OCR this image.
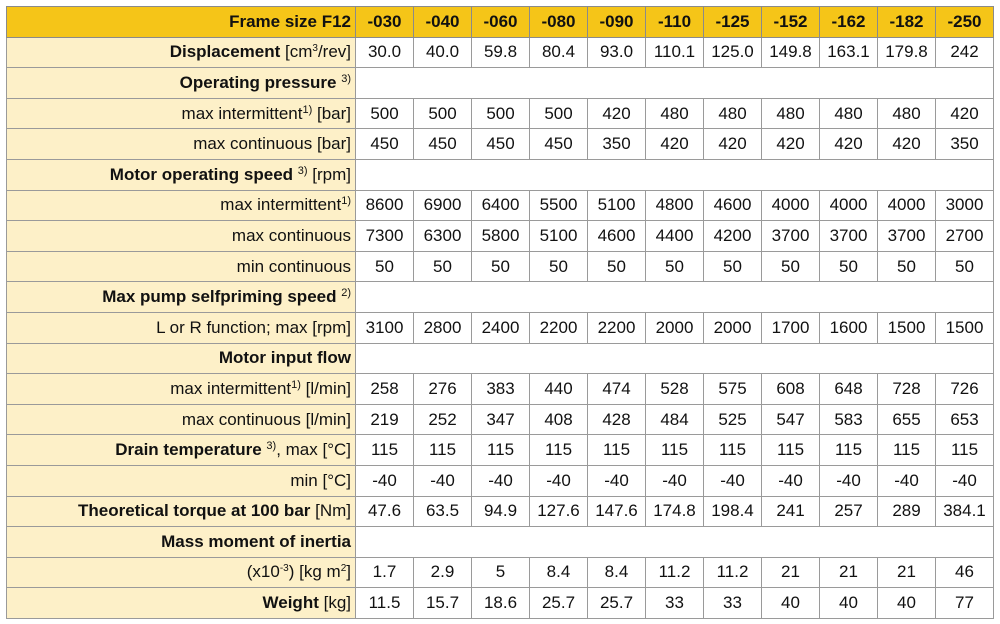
Frame size F12	-030	-040	-060	-080	-090	-110	-125	-152	-162	-182	-250
Displacement $[cm^3/rev]$	30.0	40.0	59.8	80.4	93.0	110.1	125.0	149.8	163.1	179.8	242
Operating pressure $^{3)}$	
max intermittent$^{1)}$ [bar]	500	500	500	500	420	480	480	480	480	480	420
max continuous [bar]	450	450	450	450	350	420	420	420	420	420	350
Motor operating speed $^{3)}$ [rpm]											
max intermittent$^{1)}$	8600	6900	6400	5500	5100	4800	4600	4000	4000	4000	3000
max continuous	7300	6300	5800	5100	4600	4400	4200	3700	3700	3700	2700
min continuous	50	50	50	50	50	50	50	50	50	50	50
Max pump selfpriming speed $^{2)}$	
L or R function; max [rpm]	3100	2800	2400	2200	2200	2000	2000	1700	1600	1500	1500
Motor input flow											
max intermittent$^{1)}$ [l/min]	258	276	383	440	474	528	575	608	648	728	726
max continuous [l/min]	219	252	347	408	428	484	525	547	583	655	653
Drain temperature $^{3)}$, max [°C]	115	115	115	115	115	115	115	115	115	115	115
min [°C]	-40	-40	-40	-40	-40	-40	-40	-40	-40	-40	-40
Theoretical torque at 100 bar [Nm]	47.6	63.5	94.9	127.6	147.6	174.8	198.4	241	257	289	384.1
Mass moment of inertia											
$(x10^{-3})$ [kg $m^2$]	1.7	2.9	5	8.4	8.4	11.2	11.2	21	21	21	46
Weight [kg]	11.5	15.7	18.6	25.7	25.7	33	33	40	40	40	77
